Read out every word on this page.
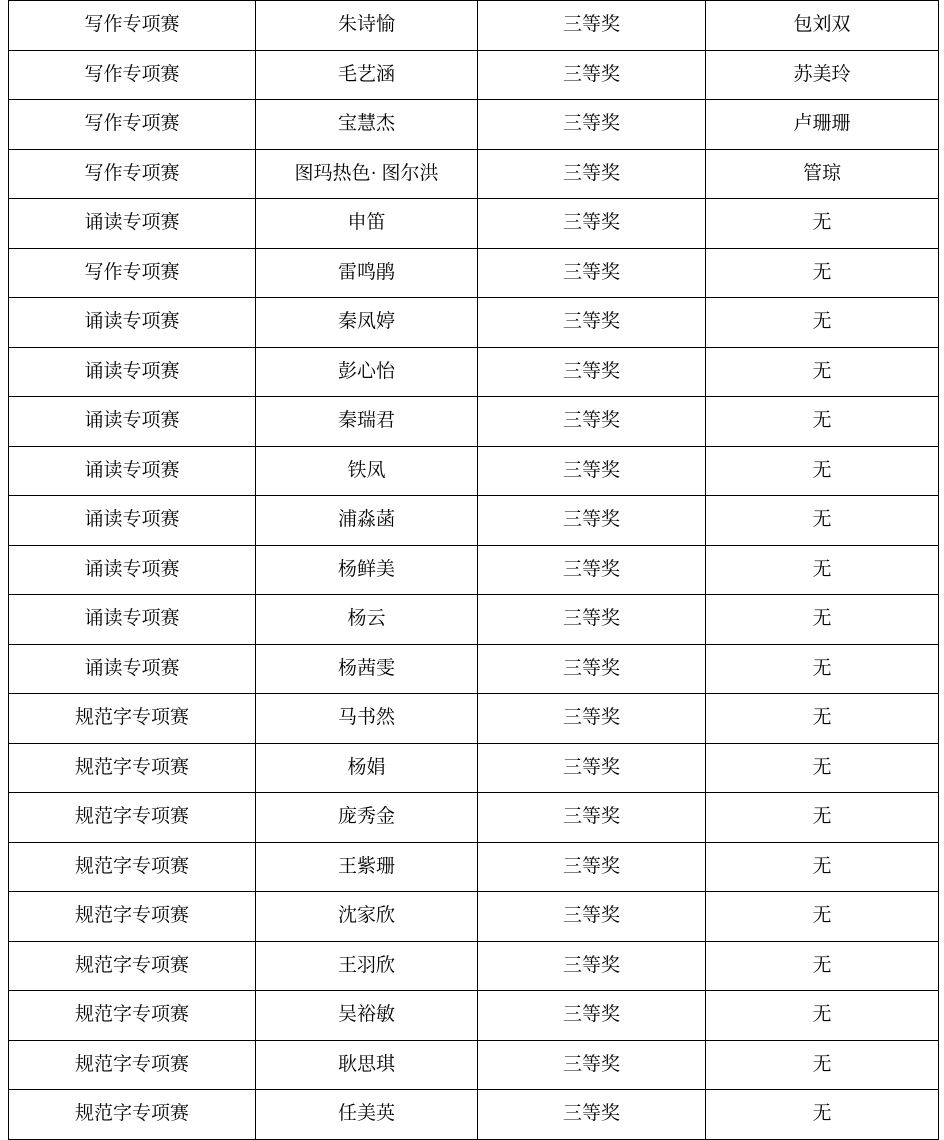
写作专项赛	朱诗愉	三等奖	包刘双

写作专项赛	毛艺涵	三等奖	苏美玲

写作专项赛	宝慧杰	三等奖	卢珊珊

写作专项赛	图玛热色· 图尔洪	三等奖	管琼

诵读专项赛	申笛	三等奖	无

写作专项赛	雷鸣鹃	三等奖	无

诵读专项赛	秦凤婷	三等奖	无

诵读专项赛	彭心怡	三等奖	无

诵读专项赛	秦瑞君	三等奖	无

诵读专项赛	铁凤	三等奖	无

诵读专项赛	浦淼菡	三等奖	无

诵读专项赛	杨鲜美	三等奖	无

诵读专项赛	杨云	三等奖	无

诵读专项赛	杨茜雯	三等奖	无

规范字专项赛	马书然	三等奖	无

规范字专项赛	杨娟	三等奖	无

规范字专项赛	庞秀金	三等奖	无

规范字专项赛	王紫珊	三等奖	无

规范字专项赛	沈家欣	三等奖	无

规范字专项赛	王羽欣	三等奖	无

规范字专项赛	吴裕敏	三等奖	无

规范字专项赛	耿思琪	三等奖	无

规范字专项赛	任美英	三等奖	无
